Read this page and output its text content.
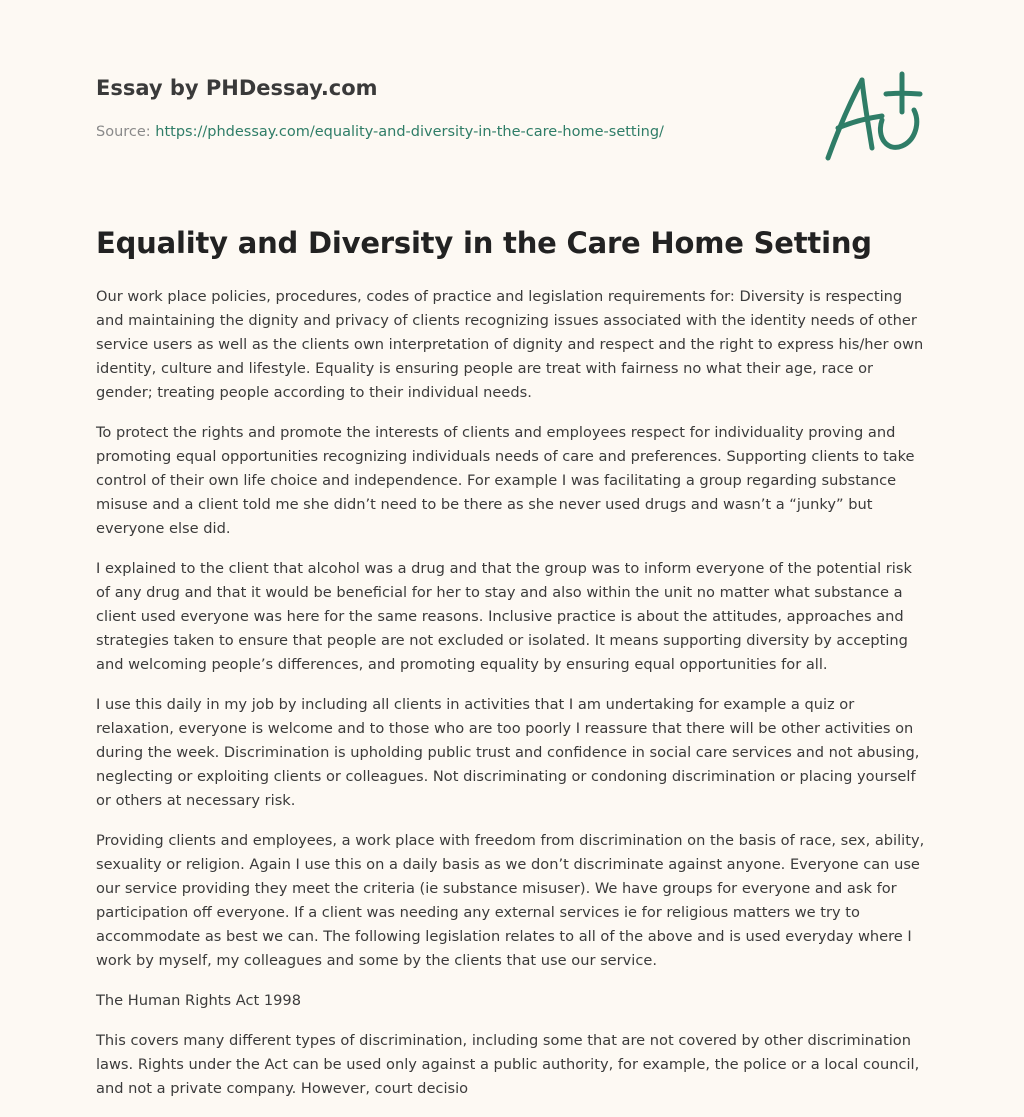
Essay by PHDessay.com
Source: https://phdessay.com/equality-and-diversity-in-the-care-home-setting/
Equality and Diversity in the Care Home Setting

Our work place policies, procedures, codes of practice and legislation requirements for: Diversity is respecting and maintaining the dignity and privacy of clients recognizing issues associated with the identity needs of other service users as well as the clients own interpretation of dignity and respect and the right to express his/her own identity, culture and lifestyle. Equality is ensuring people are treat with fairness no what their age, race or gender; treating people according to their individual needs.

To protect the rights and promote the interests of clients and employees respect for individuality proving and promoting equal opportunities recognizing individuals needs of care and preferences. Supporting clients to take control of their own life choice and independence. For example I was facilitating a group regarding substance misuse and a client told me she didn’t need to be there as she never used drugs and wasn’t a “junky” but everyone else did.

I explained to the client that alcohol was a drug and that the group was to inform everyone of the potential risk of any drug and that it would be beneficial for her to stay and also within the unit no matter what substance a client used everyone was here for the same reasons. Inclusive practice is about the attitudes, approaches and strategies taken to ensure that people are not excluded or isolated. It means supporting diversity by accepting and welcoming people’s differences, and promoting equality by ensuring equal opportunities for all.

I use this daily in my job by including all clients in activities that I am undertaking for example a quiz or relaxation, everyone is welcome and to those who are too poorly I reassure that there will be other activities on during the week. Discrimination is upholding public trust and confidence in social care services and not abusing, neglecting or exploiting clients or colleagues. Not discriminating or condoning discrimination or placing yourself or others at necessary risk.

Providing clients and employees, a work place with freedom from discrimination on the basis of race, sex, ability, sexuality or religion. Again I use this on a daily basis as we don’t discriminate against anyone. Everyone can use our service providing they meet the criteria (ie substance misuser). We have groups for everyone and ask for participation off everyone. If a client was needing any external services ie for religious matters we try to accommodate as best we can. The following legislation relates to all of the above and is used everyday where I work by myself, my colleagues and some by the clients that use our service.

The Human Rights Act 1998

This covers many different types of discrimination, including some that are not covered by other discrimination laws. Rights under the Act can be used only against a public authority, for example, the police or a local council, and not a private company. However, court decisio
